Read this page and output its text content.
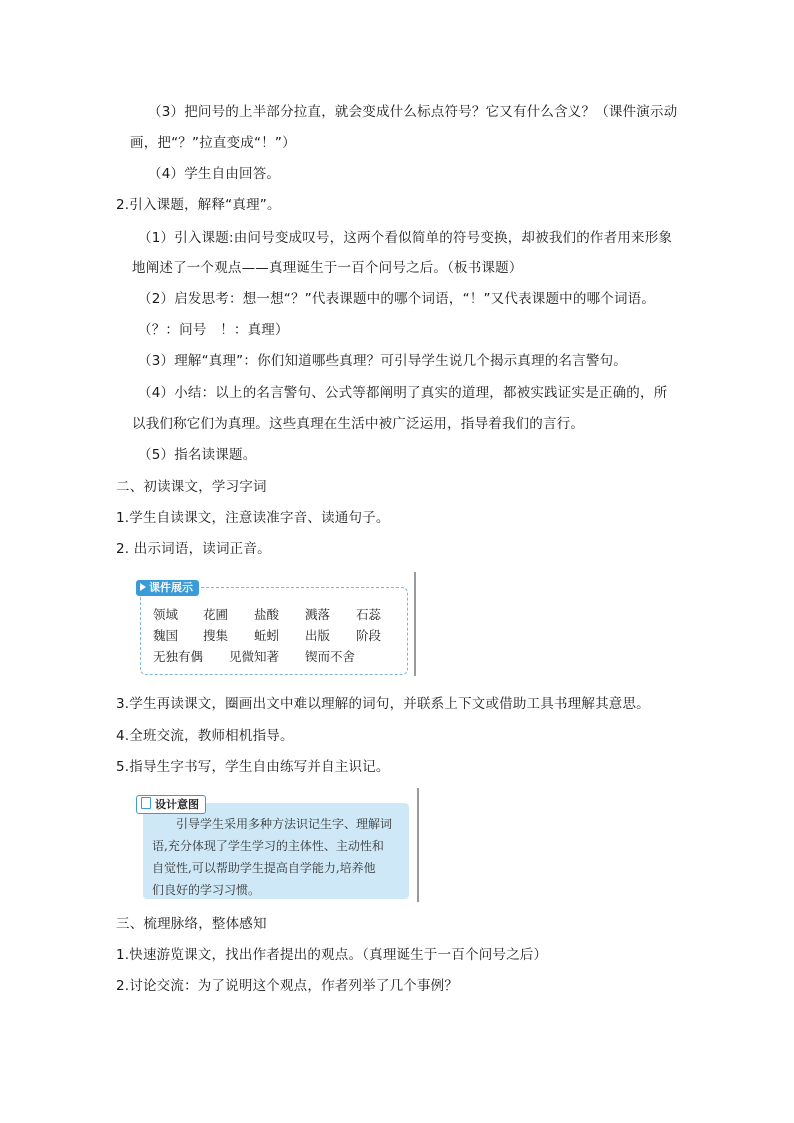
（3）把问号的上半部分拉直，就会变成什么标点符号？它又有什么含义？（课件演示动
画，把“？”拉直变成“！”）
（4）学生自由回答。
2.引入课题，解释“真理”。
（1）引入课题:由问号变成叹号，这两个看似简单的符号变换，却被我们的作者用来形象
地阐述了一个观点——真理诞生于一百个问号之后。（板书课题）
（2）启发思考：想一想“？”代表课题中的哪个词语，“！”又代表课题中的哪个词语。
（？：问号　！：真理）
（3）理解“真理”：你们知道哪些真理？可引导学生说几个揭示真理的名言警句。
（4）小结：以上的名言警句、公式等都阐明了真实的道理，都被实践证实是正确的，所
以我们称它们为真理。这些真理在生活中被广泛运用，指导着我们的言行。
（5）指名读课题。
二、初读课文，学习字词
1.学生自读课文，注意读准字音、读通句子。
2. 出示词语，读词正音。
课件展示
领域 花圃 盐酸 溅落 石蕊
魏国 搜集 蚯蚓 出版 阶段
无独有偶 见微知著 锲而不舍
3.学生再读课文，圈画出文中难以理解的词句，并联系上下文或借助工具书理解其意思。
4.全班交流，教师相机指导。
5.指导生字书写，学生自由练写并自主识记。
设计意图
引导学生采用多种方法识记生字、理解词
语,充分体现了学生学习的主体性、主动性和
自觉性,可以帮助学生提高自学能力,培养他
们良好的学习习惯。
三、梳理脉络，整体感知
1.快速游览课文，找出作者提出的观点。（真理诞生于一百个问号之后）
2.讨论交流：为了说明这个观点，作者列举了几个事例？
